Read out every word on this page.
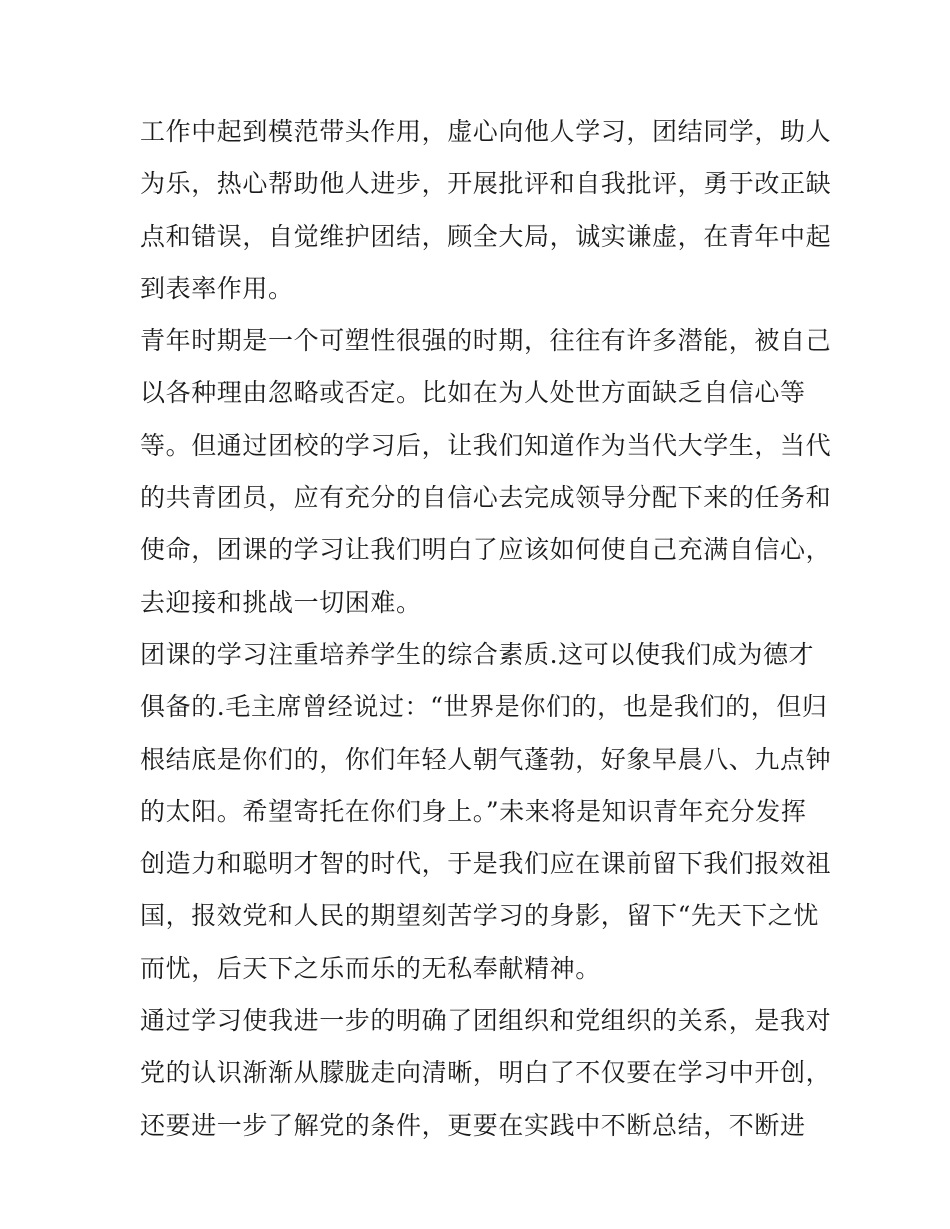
工作中起到模范带头作用，虚心向他人学习，团结同学，助人
为乐，热心帮助他人进步，开展批评和自我批评，勇于改正缺
点和错误，自觉维护团结，顾全大局，诚实谦虚，在青年中起
到表率作用。
青年时期是一个可塑性很强的时期，往往有许多潜能，被自己
以各种理由忽略或否定。比如在为人处世方面缺乏自信心等
等。但通过团校的学习后，让我们知道作为当代大学生，当代
的共青团员，应有充分的自信心去完成领导分配下来的任务和
使命，团课的学习让我们明白了应该如何使自己充满自信心，
去迎接和挑战一切困难。
团课的学习注重培养学生的综合素质.这可以使我们成为德才
俱备的.毛主席曾经说过：“世界是你们的，也是我们的，但归
根结底是你们的，你们年轻人朝气蓬勃，好象早晨八、九点钟
的太阳。希望寄托在你们身上。”未来将是知识青年充分发挥
创造力和聪明才智的时代，于是我们应在课前留下我们报效祖
国，报效党和人民的期望刻苦学习的身影，留下“先天下之忧
而忧，后天下之乐而乐的无私奉献精神。
通过学习使我进一步的明确了团组织和党组织的关系，是我对
党的认识渐渐从朦胧走向清晰，明白了不仅要在学习中开创，
还要进一步了解党的条件，更要在实践中不断总结，不断进
